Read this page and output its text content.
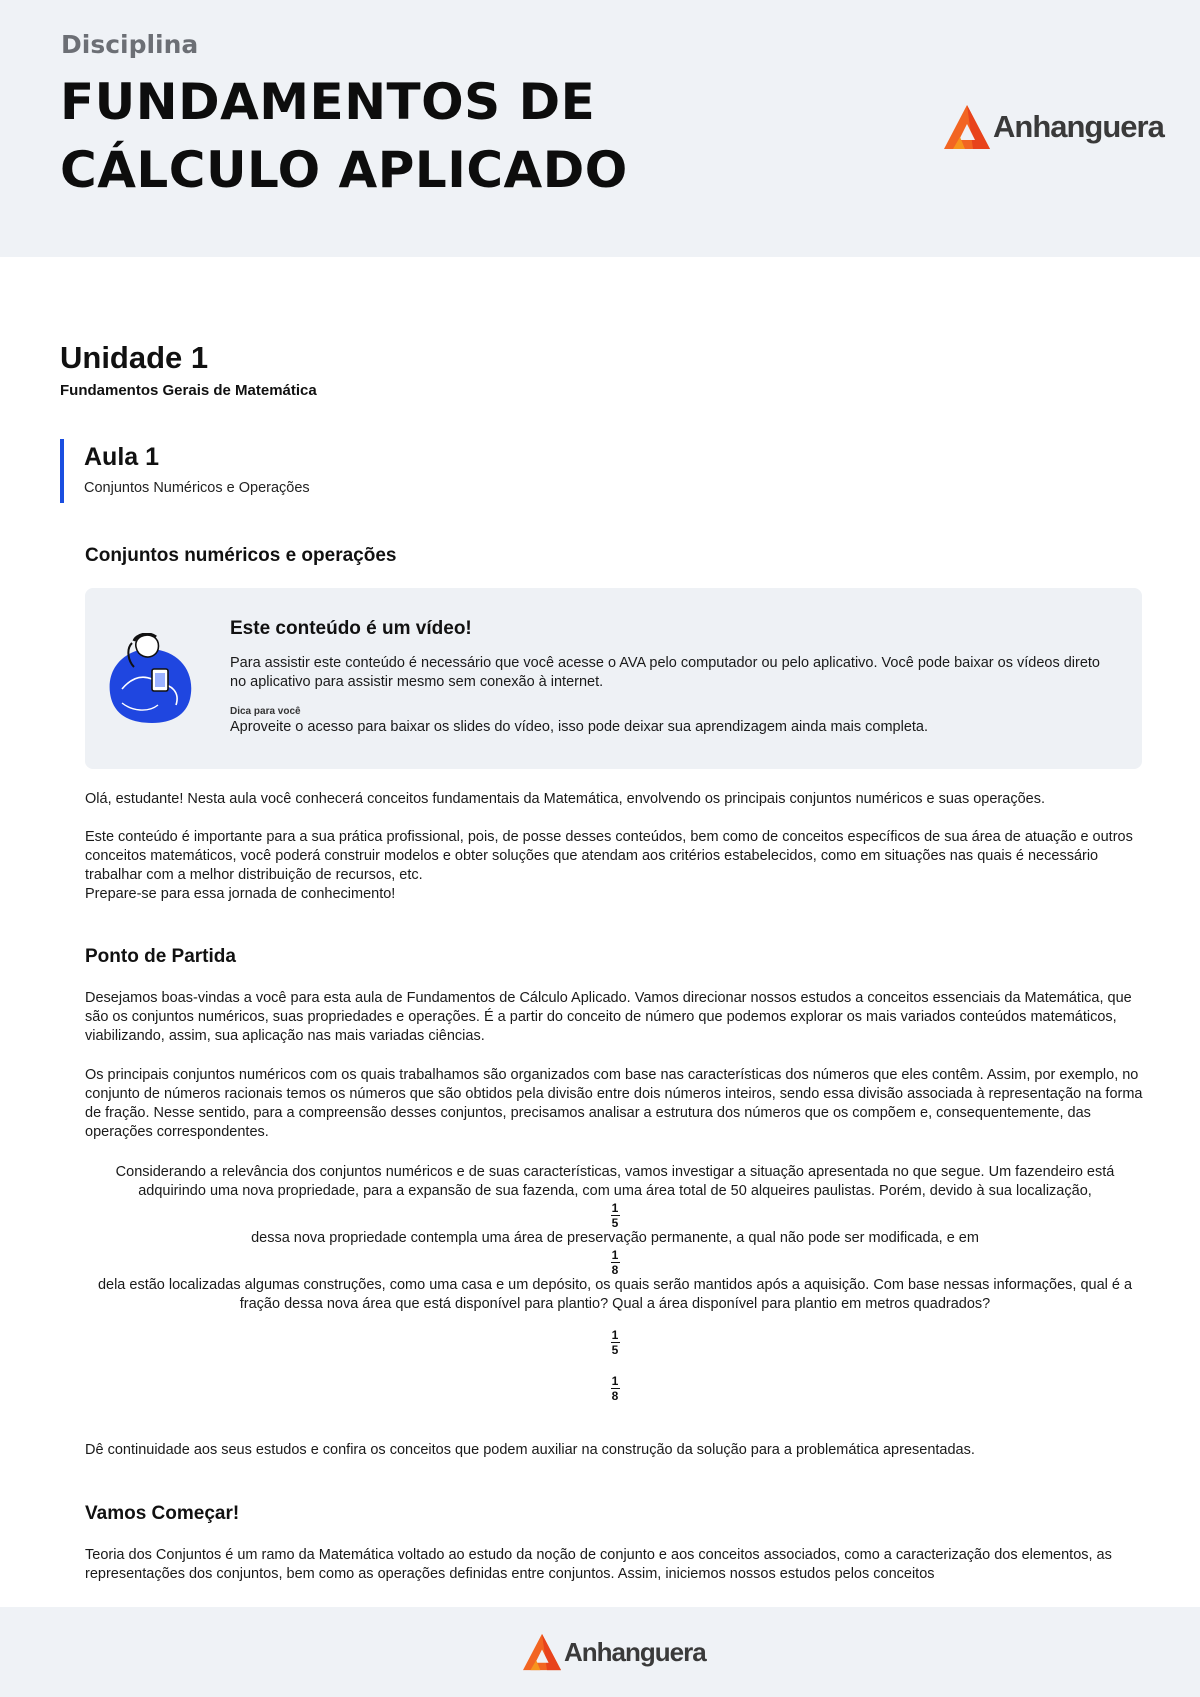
Disciplina

FUNDAMENTOS DE CÁLCULO APLICADO
Anhanguera
Unidade 1

Fundamentos Gerais de Matemática

Aula 1

Conjuntos Numéricos e Operações

Conjuntos numéricos e operações

Este conteúdo é um vídeo!

Para assistir este conteúdo é necessário que você acesse o AVA pelo computador ou pelo aplicativo. Você pode baixar os vídeos direto no aplicativo para assistir mesmo sem conexão à internet.

Dica para você

Aproveite o acesso para baixar os slides do vídeo, isso pode deixar sua aprendizagem ainda mais completa.

Olá, estudante! Nesta aula você conhecerá conceitos fundamentais da Matemática, envolvendo os principais conjuntos numéricos e suas operações.

Este conteúdo é importante para a sua prática profissional, pois, de posse desses conteúdos, bem como de conceitos específicos de sua área de atuação e outros conceitos matemáticos, você poderá construir modelos e obter soluções que atendam aos critérios estabelecidos, como em situações nas quais é necessário trabalhar com a melhor distribuição de recursos, etc.

Prepare-se para essa jornada de conhecimento!

Ponto de Partida

Desejamos boas-vindas a você para esta aula de Fundamentos de Cálculo Aplicado. Vamos direcionar nossos estudos a conceitos essenciais da Matemática, que são os conjuntos numéricos, suas propriedades e operações. É a partir do conceito de número que podemos explorar os mais variados conteúdos matemáticos, viabilizando, assim, sua aplicação nas mais variadas ciências.

Os principais conjuntos numéricos com os quais trabalhamos são organizados com base nas características dos números que eles contêm. Assim, por exemplo, no conjunto de números racionais temos os números que são obtidos pela divisão entre dois números inteiros, sendo essa divisão associada à representação na forma de fração. Nesse sentido, para a compreensão desses conjuntos, precisamos analisar a estrutura dos números que os compõem e, consequentemente, das operações correspondentes.

Considerando a relevância dos conjuntos numéricos e de suas características, vamos investigar a situação apresentada no que segue. Um fazendeiro está adquirindo uma nova propriedade, para a expansão de sua fazenda, com uma área total de 50 alqueires paulistas. Porém, devido à sua localização,

$\frac{1}{5}$

dessa nova propriedade contempla uma área de preservação permanente, a qual não pode ser modificada, e em

$\frac{1}{8}$

dela estão localizadas algumas construções, como uma casa e um depósito, os quais serão mantidos após a aquisição. Com base nessas informações, qual é a fração dessa nova área que está disponível para plantio? Qual a área disponível para plantio em metros quadrados?

$\frac{1}{5}$
$\frac{1}{8}$

Dê continuidade aos seus estudos e confira os conceitos que podem auxiliar na construção da solução para a problemática apresentadas.

Vamos Começar!

Teoria dos Conjuntos é um ramo da Matemática voltado ao estudo da noção de conjunto e aos conceitos associados, como a caracterização dos elementos, as representações dos conjuntos, bem como as operações definidas entre conjuntos. Assim, iniciemos nossos estudos pelos conceitos

Anhanguera
